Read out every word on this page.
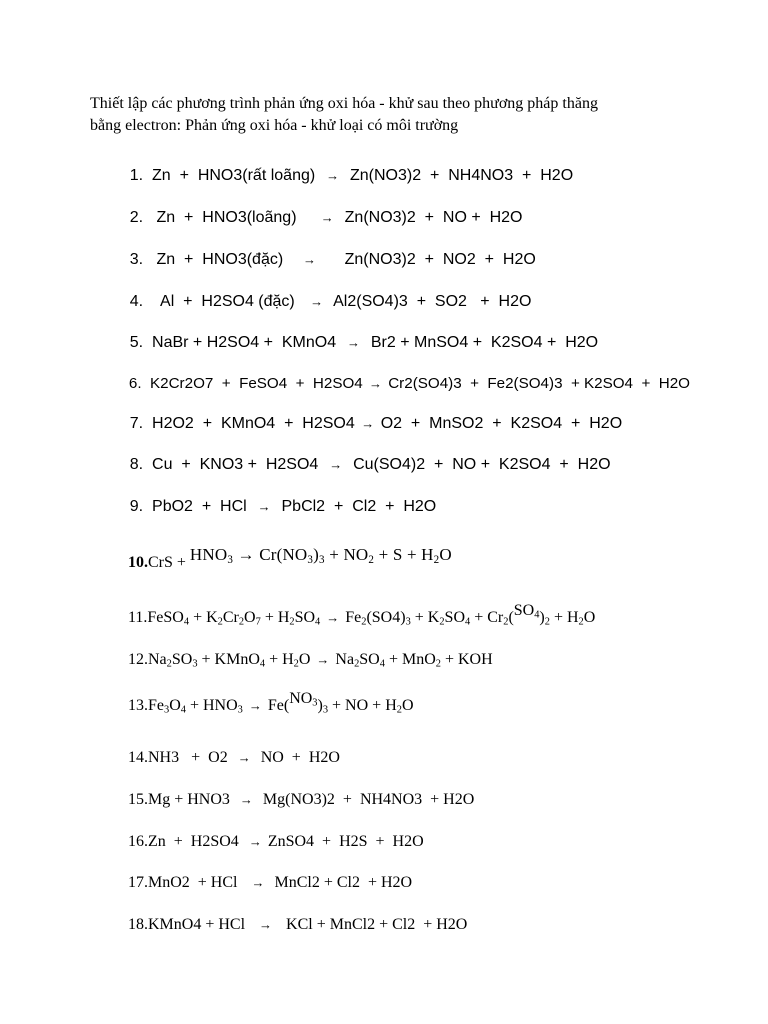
Thiết lập các phương trình phản ứng oxi hóa - khử sau theo phương pháp thăng
bằng electron: Phản ứng oxi hóa - khử loại có môi trường

1. Zn  +  HNO3(rất loãng) → Zn(NO3)2  +  NH4NO3  +  H2O

2. Zn  +  HNO3(loãng) → Zn(NO3)2  +  NO +  H2O

3. Zn  +  HNO3(đặc) → Zn(NO3)2  +  NO2  +  H2O

4. Al  +  H2SO4 (đặc) → Al2(SO4)3  +  SO2   +  H2O

5. NaBr + H2SO4 +  KMnO4 → Br2 + MnSO4 +  K2SO4 +  H2O

6. K2Cr2O7  +  FeSO4  +  H2SO4 → Cr2(SO4)3  +  Fe2(SO4)3  + K2SO4  +  H2O

7. H2O2  +  KMnO4  +  H2SO4 → O2  +  MnSO2  +  K2SO4  +  H2O

8. Cu  +  KNO3 +  H2SO4 → Cu(SO4)2  +  NO +  K2SO4  +  H2O

9. PbO2  +  HCl → PbCl2  +  Cl2  +  H2O

$10.CrS + HNO_3 \to Cr(NO_3)_3 + NO_2 + S + H_2O$

11.FeSO$_4$ + $K_2Cr_2O_7 + H_2SO_4 \to Fe_2(SO4)_3 + K_2SO_4 + Cr_2(SO_4)_2 + H_2O$

$12.Na_2SO_3$ + KMnO$_4$ + $H_2O \to Na_2SO_4 + MnO_2$ + KOH

$13.Fe_3O_4 + HNO_3 \to Fe(NO_3)_3$ + NO + $H_2O$

14.NH3   +  O2 → NO  +  H2O

15.Mg + HNO3 → Mg(NO3)2  +  NH4NO3  + H2O

16.Zn  +  H2SO4 → ZnSO4  +  H2S  +  H2O

17.MnO2  + HCl → MnCl2 + Cl2  + H2O

18.KMnO4 + HCl → KCl + MnCl2 + Cl2  + H2O
